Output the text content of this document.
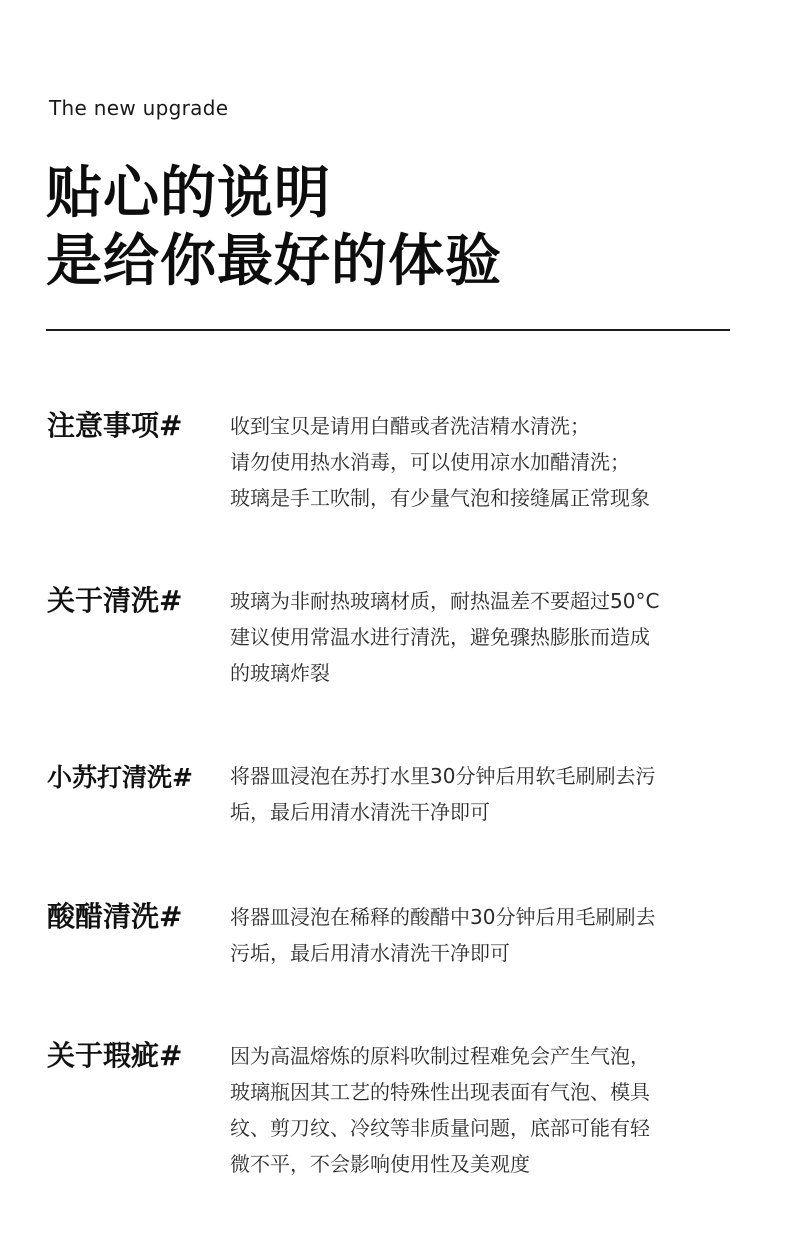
The new upgrade
贴心的说明
是给你最好的体验
注意事项# 收到宝贝是请用白醋或者洗洁精水清洗；
请勿使用热水消毒，可以使用凉水加醋清洗；
玻璃是手工吹制，有少量气泡和接缝属正常现象
关于清洗# 玻璃为非耐热玻璃材质，耐热温差不要超过50°C
建议使用常温水进行清洗，避免骤热膨胀而造成
的玻璃炸裂
小苏打清洗# 将器皿浸泡在苏打水里30分钟后用软毛刷刷去污
垢，最后用清水清洗干净即可
酸醋清洗# 将器皿浸泡在稀释的酸醋中30分钟后用毛刷刷去
污垢，最后用清水清洗干净即可
关于瑕疵# 因为高温熔炼的原料吹制过程难免会产生气泡，
玻璃瓶因其工艺的特殊性出现表面有气泡、模具
纹、剪刀纹、冷纹等非质量问题，底部可能有轻
微不平，不会影响使用性及美观度
